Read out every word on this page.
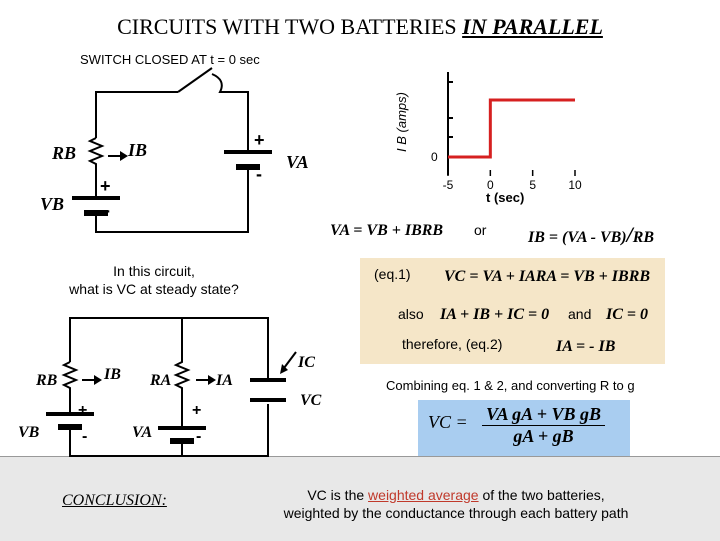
CIRCUITS WITH TWO BATTERIES IN PARALLEL
SWITCH CLOSED AT t = 0 sec
RB	IB
VA
VB
+
-
+
-
I B (amps)
0
t (sec)
-5	0	5	10
VA = VB + IBRB or	IB = (VA - VB)/RB
(eq.1) VC = VA + IARA = VB + IBRB
also IA + IB + IC = 0 and IC = 0
therefore, (eq.2)	IA = - IB
Combining eq. 1 & 2, and converting R to g
In this circuit,
what is VC at steady state?
RB	IB RA	IA
IC
VC
VB	VA
+
-
+
-
VC = $\frac{\text{VA gA + VB gB}}{gA + gB}$
CONCLUSION:	VC is the weighted average of the two batteries,
weighted by the conductance through each battery path
